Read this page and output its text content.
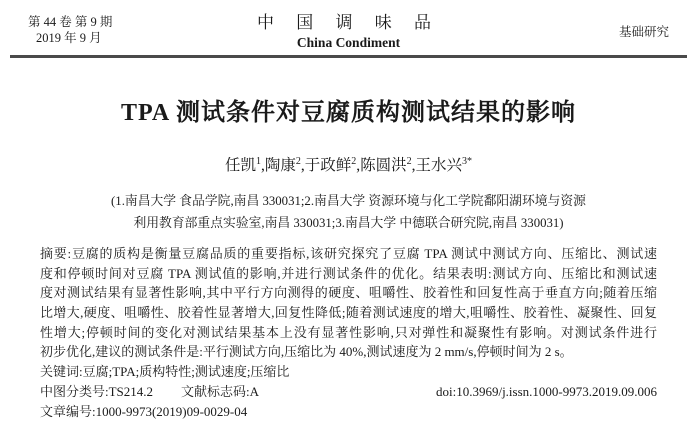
第 44 卷 第 9 期
2019 年 9 月
中 国 调 味 品
China Condiment
基础研究
TPA 测试条件对豆腐质构测试结果的影响
任凯$^1$,陶康$^2$,于政鲜$^2$,陈圆洪$^2$,王水兴$^{3*}$
(1.南昌大学 食品学院,南昌 330031;2.南昌大学 资源环境与化工学院鄱阳湖环境与资源
利用教育部重点实验室,南昌 330031;3.南昌大学 中德联合研究院,南昌 330031)
摘要:豆腐的质构是衡量豆腐品质的重要指标,该研究探究了豆腐 TPA 测试中测试方向、压缩比、测试速
度和停顿时间对豆腐 TPA 测试值的影响,并进行测试条件的优化。结果表明:测试方向、压缩比和测试速
度对测试结果有显著性影响,其中平行方向测得的硬度、咀嚼性、胶着性和回复性高于垂直方向;随着压缩
比增大,硬度、咀嚼性、胶着性显著增大,回复性降低;随着测试速度的增大,咀嚼性、胶着性、凝聚性、回复
性增大;停顿时间的变化对测试结果基本上没有显著性影响,只对弹性和凝聚性有影响。对测试条件进行
初步优化,建议的测试条件是:平行测试方向,压缩比为 40%,测试速度为 2 mm/s,停顿时间为 2 s。
关键词:豆腐;TPA;质构特性;测试速度;压缩比
中图分类号:TS214.2 文献标志码:A	doi:10.3969/j.issn.1000-9973.2019.09.006
文章编号:1000-9973(2019)09-0029-04
